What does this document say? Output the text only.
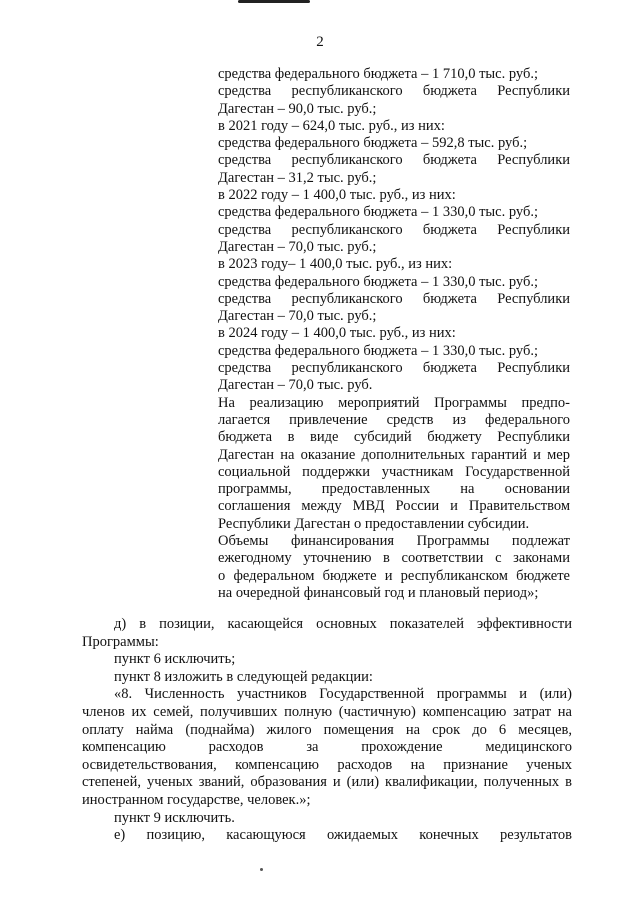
2
средства федерального бюджета – 1 710,0 тыс. руб.;
средства республиканского бюджета Республики
Дагестан – 90,0 тыс. руб.;
в 2021 году – 624,0 тыс. руб., из них:
средства федерального бюджета – 592,8 тыс. руб.;
средства республиканского бюджета Республики
Дагестан – 31,2 тыс. руб.;
в 2022 году – 1 400,0 тыс. руб., из них:
средства федерального бюджета – 1 330,0 тыс. руб.;
средства республиканского бюджета Республики
Дагестан – 70,0 тыс. руб.;
в 2023 году– 1 400,0 тыс. руб., из них:
средства федерального бюджета – 1 330,0 тыс. руб.;
средства республиканского бюджета Республики
Дагестан – 70,0 тыс. руб.;
в 2024 году – 1 400,0 тыс. руб., из них:
средства федерального бюджета – 1 330,0 тыс. руб.;
средства республиканского бюджета Республики
Дагестан – 70,0 тыс. руб.
На реализацию мероприятий Программы предпо-
лагается привлечение средств из федерального
бюджета в виде субсидий бюджету Республики
Дагестан на оказание дополнительных гарантий и мер
социальной поддержки участникам Государственной
программы, предоставленных на основании
соглашения между МВД России и Правительством
Республики Дагестан о предоставлении субсидии.
Объемы финансирования Программы подлежат
ежегодному уточнению в соответствии с законами
о федеральном бюджете и республиканском бюджете
на очередной финансовый год и плановый период»;
д) в позиции, касающейся основных показателей эффективности
Программы:
пункт 6 исключить;
пункт 8 изложить в следующей редакции:
«8. Численность участников Государственной программы и (или)
членов их семей, получивших полную (частичную) компенсацию затрат на
оплату найма (поднайма) жилого помещения на срок до 6 месяцев,
компенсацию расходов за прохождение медицинского
освидетельствования, компенсацию расходов на признание ученых
степеней, ученых званий, образования и (или) квалификации, полученных в
иностранном государстве, человек.»;
пункт 9 исключить.
е) позицию, касающуюся ожидаемых конечных результатов
